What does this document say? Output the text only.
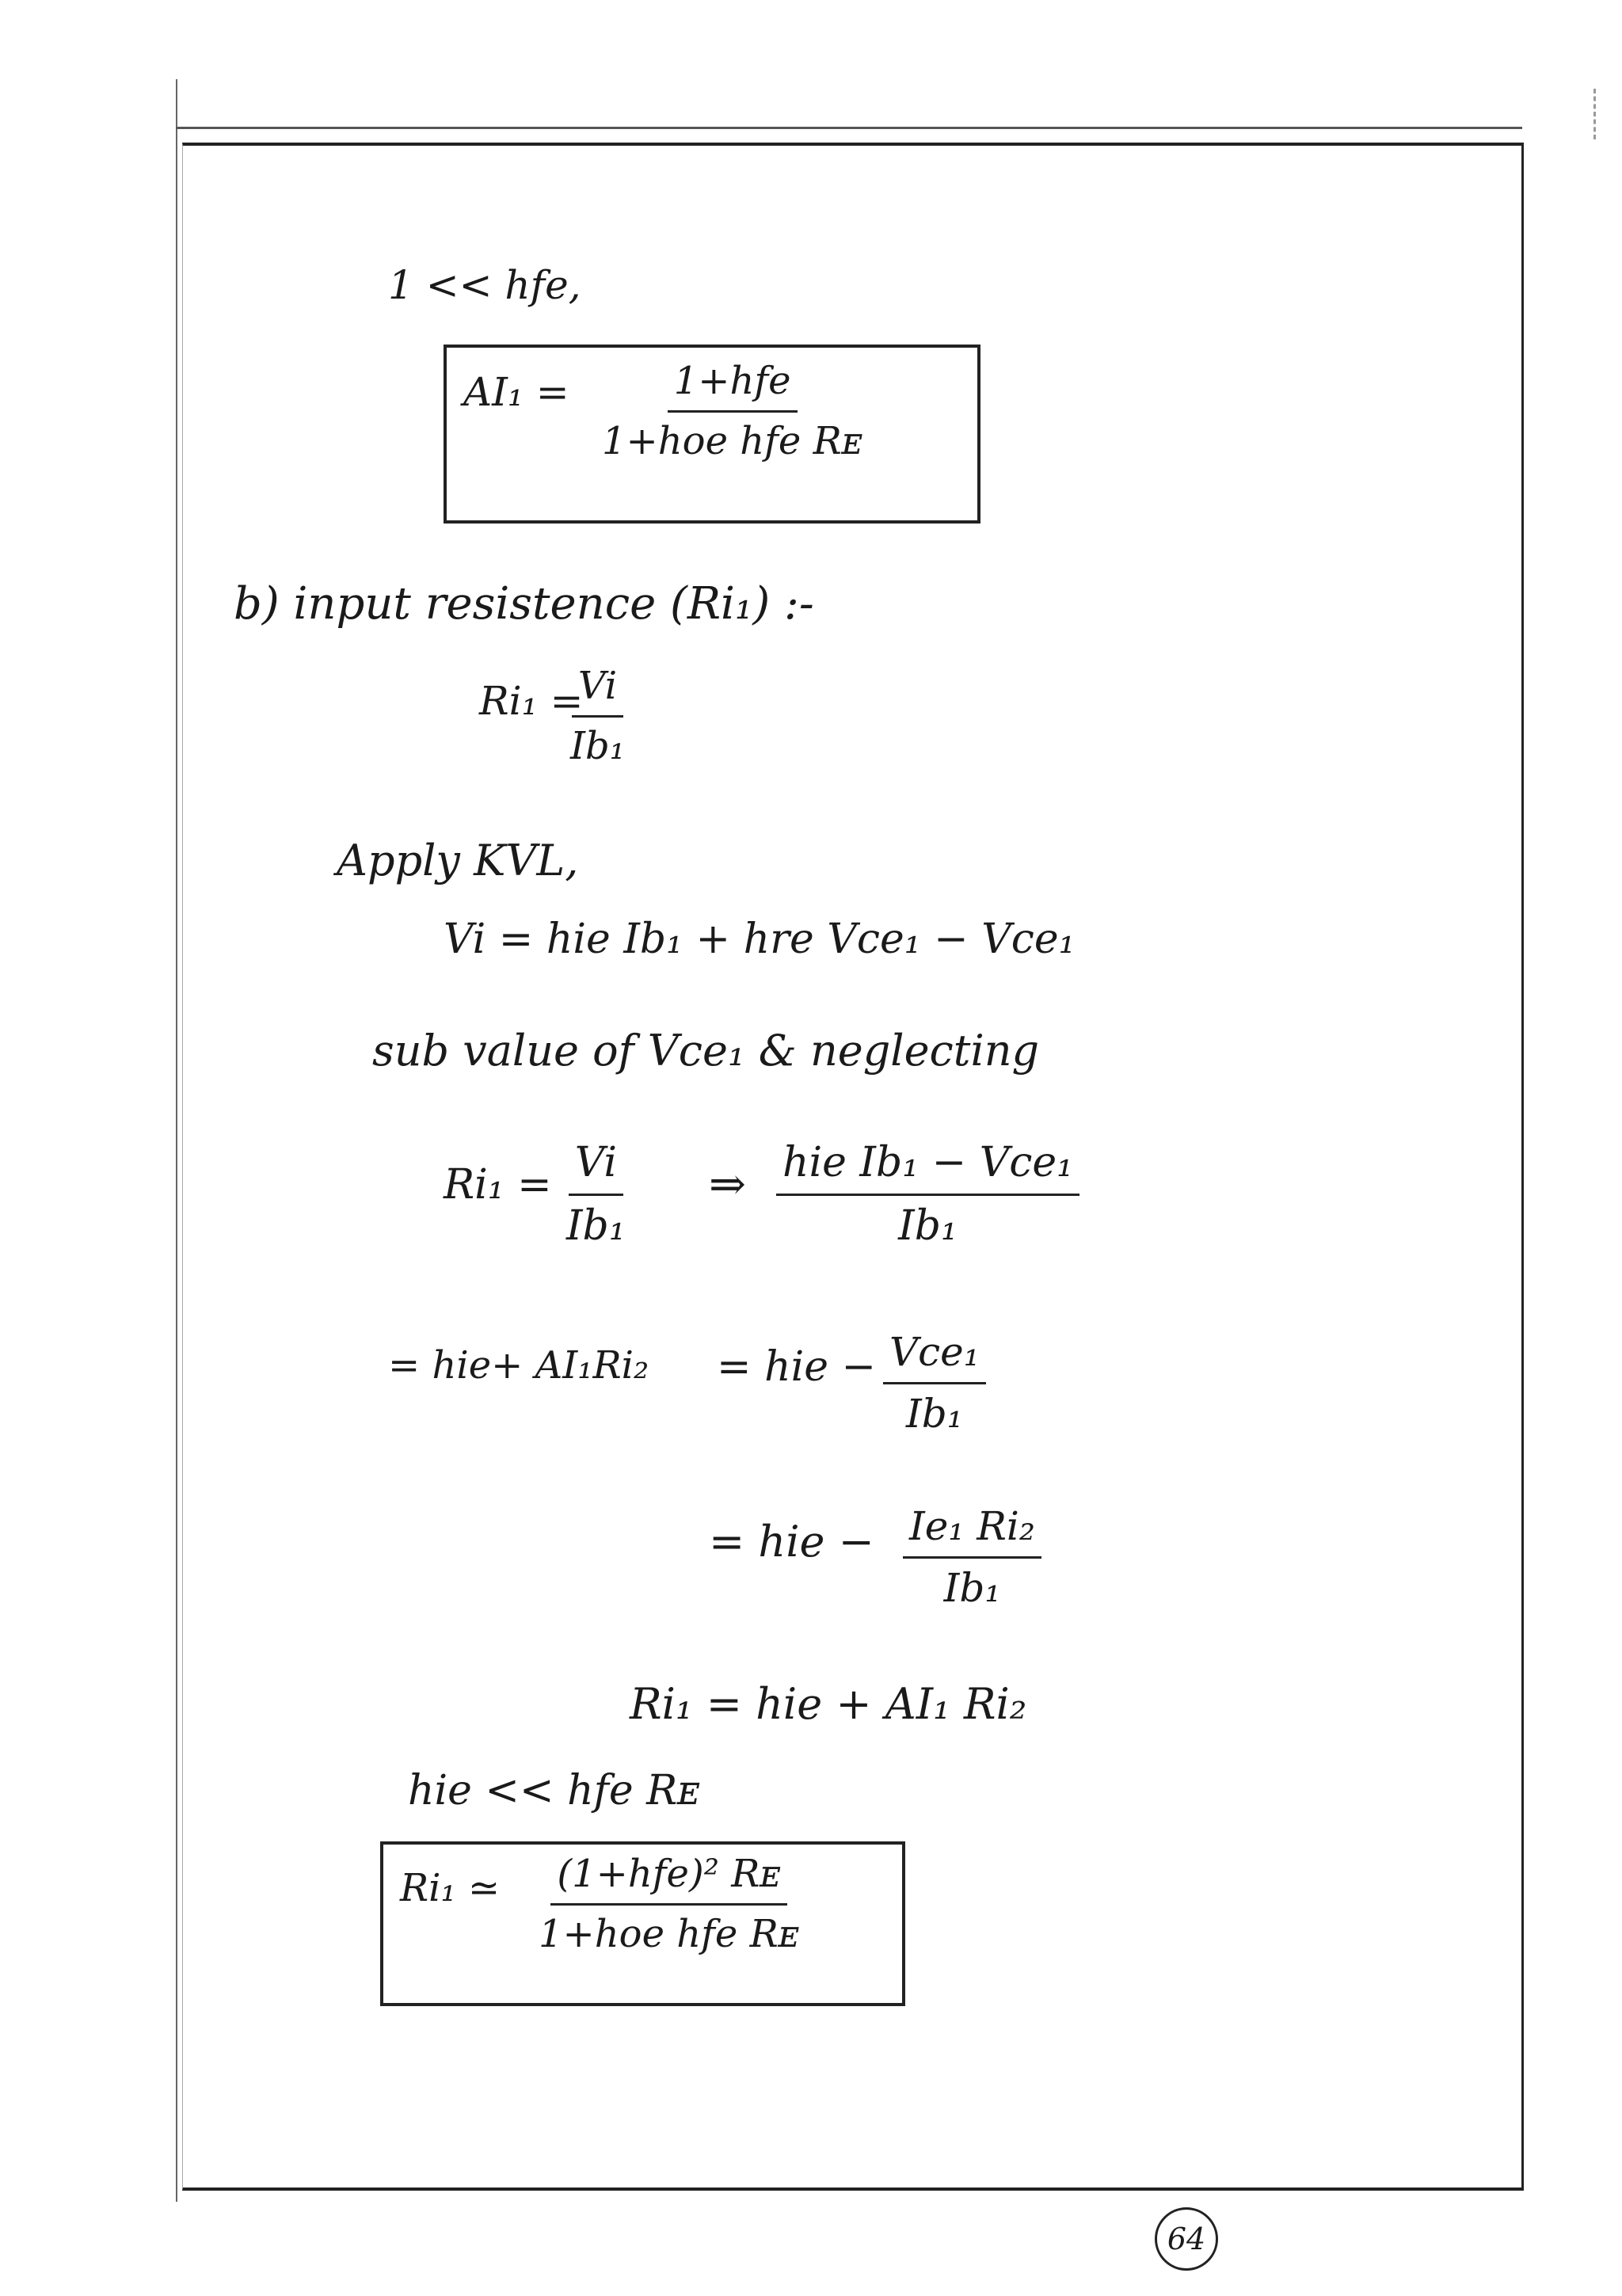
1 << hfe,
AI₁ =	1+hfe
1+hoe hfe Rᴇ
b) input resistence (Ri₁) :-
Ri₁ =
$\frac{Vi}{\text{Ib₁}}$
Apply KVL,
Vi = hie Ib₁ + hre Vce₁ − Vce₁
sub value of Vce₁ & neglecting
$Ri_1 = \frac{Vi}{\text{Ib₁}}$ ⇒ hie Ib₁ − Vce₁
Ib₁
= hie+ AI₁Ri₂ = hie − Vce₁
Ib₁
= hie − $\frac{\text{Ie₁ Ri₂}}{\text{Ib₁}}$
Ri₁ = hie + AI₁ Ri₂
hie << hfe Rᴇ
Ri₁ ≃ (1+hfe)² Rᴇ
1+hoe hfe Rᴇ
64
